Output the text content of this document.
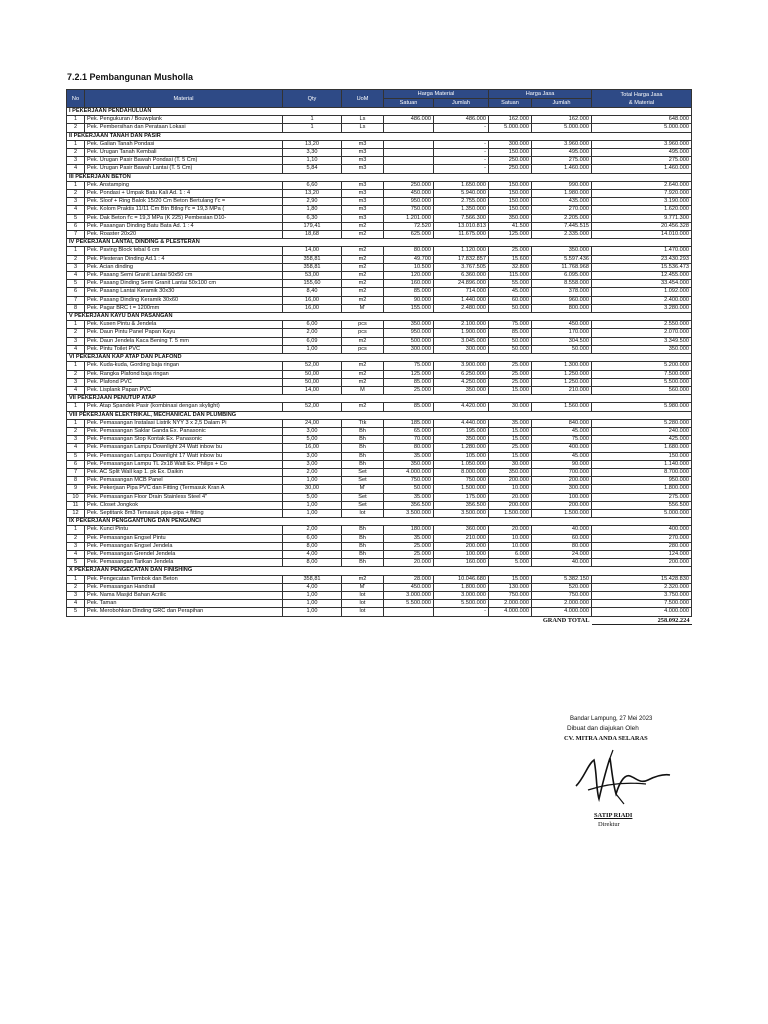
7.2.1 Pembangunan Musholla
No	Material	Qty	UoM	Harga Material		Harga Jasa		Total Harga Jasa
& Material

				Satuan	Jumlah	Satuan	Jumlah	
I PEKERJAAN PENDAHULUAN								
1	Pek. Pengukuran / Bouwplank	1	Ls	486.000	486.000	162.000	162.000	648.000
2	Pek. Pembersihan dan Perataan Lokasi	1	Ls		-	5.000.000	5.000.000	5.000.000
II PEKERJAAN TANAH DAN PASIR								
1	Pek. Galian Tanah Pondasi	13,20	m3		-	300.000	3.960.000	3.960.000
2	Pek. Urugan Tanah Kembali	3,30	m3		-	150.000	495.000	495.000
3	Pek. Urugan Pasir Bawah Pondasi (T. 5 Cm)	1,10	m3		-	250.000	275.000	275.000
4	Pek. Urugan Pasir Bawah Lantai (T. 5 Cm)	5,84	m3		-	250.000	1.460.000	1.460.000
III PEKERJAAN BETON								
1	Pek. Anstamping	6,60	m3	250.000	1.650.000	150.000	990.000	2.640.000
2	Pek. Pondasi + Umpak Batu Kali Ad. 1 : 4	13,20	m3	450.000	5.940.000	150.000	1.980.000	7.920.000
3	Pek. Sloof + Ring Balok 15/20 Cm Beton Bertulang f'c =	2,90	m3	950.000	2.755.000	150.000	435.000	3.190.000
4	Pek. Kolom Praktis 11/11 Cm Btn Btlng f'c = 19,3 MPa (	1,80	m3	750.000	1.350.000	150.000	270.000	1.620.000
5	Pek. Dak Beton f'c = 19,3 MPa (K 225) Pembesian D10-	6,30	m3	1.201.000	7.566.300	350.000	2.205.000	9.771.300
6	Pek. Pasangan Dinding Batu Bata Ad. 1 : 4	179,41	m2	72.520	13.010.813	41.500	7.445.515	20.456.328
7	Pek. Roaster 20x20	18,68	m2	625.000	11.675.000	125.000	2.335.000	14.010.000
IV PEKERJAAN LANTAI, DINDING & PLESTERAN								
1	Pek. Paving Block tebal 6 cm	14,00	m2	80.000	1.120.000	25.000	350.000	1.470.000
2	Pek. Plesteran Dinding Ad.1 : 4	358,81	m2	49.700	17.832.857	15.600	5.597.436	23.430.293
3	Pek. Acian dinding	358,81	m2	10.500	3.767.505	32.800	11.768.968	15.536.473
4	Pek. Pasang Semi Granit Lantai 50x50 cm	53,00	m2	120.000	6.360.000	115.000	6.095.000	12.455.000
5	Pek. Pasang Dinding Semi Granit Lantai 50x100 cm	155,60	m2	160.000	24.896.000	55.000	8.558.000	33.454.000
6	Pek. Pasang Lantai Keramik 30x30	8,40	m2	85.000	714.000	45.000	378.000	1.092.000
7	Pek. Pasang Dinding Keramik 30x60	16,00	m2	90.000	1.440.000	60.000	960.000	2.400.000
8	Pek. Pagar BRC t = 1200mm	16,00	M'	155.000	2.480.000	50.000	800.000	3.280.000
V PEKERJAAN KAYU DAN PASANGAN								
1	Pek. Kusen Pintu & Jendela	6,00	pcs	350.000	2.100.000	75.000	450.000	2.550.000
2	Pek. Daun Pintu Panel Papan Kayu	2,00	pcs	950.000	1.900.000	85.000	170.000	2.070.000
3	Pek. Daun Jendela Kaca Bening T. 5 mm	6,09	m2	500.000	3.045.000	50.000	304.500	3.349.500
4	Pek. Pintu Toilet PVC	1,00	pcs	300.000	300.000	50.000	50.000	350.000
VI PEKERJAAN KAP ATAP DAN PLAFOND								
1	Pek. Kuda-kuda, Gording baja ringan	52,00	m2	75.000	3.900.000	25.000	1.300.000	5.200.000
2	Pek. Rangka Plafond baja ringan	50,00	m2	125.000	6.250.000	25.000	1.250.000	7.500.000
3	Pek. Plafond PVC	50,00	m2	85.000	4.250.000	25.000	1.250.000	5.500.000
4	Pek. Lisplank Papan PVC	14,00	M	25.000	350.000	15.000	210.000	560.000
VII PEKERJAAN PENUTUP ATAP								
1	Pek. Atap Spandek Pasir (kombinasi dengan skylight)	52,00	m2	85.000	4.420.000	30.000	1.560.000	5.980.000
VIII PEKERJAAN ELEKTRIKAL, MECHANICAL DAN PLUMBING								
1	Pek. Pemasangan Instalasi Listrik NYY 3 x 2,5 Dalam Pi	24,00	Ttk	185.000	4.440.000	35.000	840.000	5.280.000
2	Pek. Pemasangan Saklar Ganda Ex. Panasonic	3,00	Bh	65.000	195.000	15.000	45.000	240.000
3	Pek. Pemasangan Stop Kontak Ex. Panasonic	5,00	Bh	70.000	350.000	15.000	75.000	425.000
4	Pek. Pemasangan Lampu Downlight 24 Watt inbow bu	16,00	Bh	80.000	1.280.000	25.000	400.000	1.680.000
5	Pek. Pemasangan Lampu Downlight 17 Watt inbow bu	3,00	Bh	35.000	105.000	15.000	45.000	150.000
6	Pek. Pemasangan Lampu TL 2x18 Watt Ex. Philips + Co	3,00	Bh	350.000	1.050.000	30.000	90.000	1.140.000
7	Pek. AC Split Wall kap 1. pk Ex. Daikin	2,00	Set	4.000.000	8.000.000	350.000	700.000	8.700.000
8	Pek. Pemasangan MCB Panel	1,00	Set	750.000	750.000	200.000	200.000	950.000
9	Pek. Pekerjaan Pipa PVC dan Fitting (Termasuk Kran A	30,00	M'	50.000	1.500.000	10.000	300.000	1.800.000
10	Pek. Pemasangan Floor Drain Stainless Steel 4"	5,00	Set	35.000	175.000	20.000	100.000	275.000
11	Pek. Closet Jongkok	1,00	Set	356.500	356.500	200.000	200.000	556.500
12	Pek. Septitank 8m3 Temasuk pipa-pipa + fitting	1,00	lot	3.500.000	3.500.000	1.500.000	1.500.000	5.000.000
IX PEKERJAAN PENGGANTUNG DAN PENGUNCI								
1	Pek. Kunci Pintu	2,00	Bh	180.000	360.000	20.000	40.000	400.000
2	Pek. Pemasangan Engsel Pintu	6,00	Bh	35.000	210.000	10.000	60.000	270.000
3	Pek. Pemasangan Engsel Jendela	8,00	Bh	25.000	200.000	10.000	80.000	280.000
4	Pek. Pemasangan Grendel Jendela	4,00	Bh	25.000	100.000	6.000	24.000	124.000
5	Pek. Pemasangan Tarikan Jendela	8,00	Bh	20.000	160.000	5.000	40.000	200.000
X PEKERJAAN PENGECATAN DAN FINISHING								
1	Pek. Pengecatan Tembok dan Beton	358,81	m2	28.000	10.046.680	15.000	5.382.150	15.428.830
2	Pek. Pemasangan Handrail	4,00	M'	450.000	1.800.000	130.000	520.000	2.320.000
3	Pek. Nama Masjid Bahan Acrilic	1,00	lot	3.000.000	3.000.000	750.000	750.000	3.750.000
4	Pek. Taman	1,00	lot	5.500.000	5.500.000	2.000.000	2.000.000	7.500.000
5	Pek. Merobohkan Dinding GRC dan Perapihan	1,00	lot		-	4.000.000	4.000.000	4.000.000
						GRAND TOTAL		258.092.224
Bandar Lampung, 27 Mei 2023
Dibuat dan diajukan Oleh
CV. MITRA ANDA SELARAS
SATIP RIADI
Direktur
